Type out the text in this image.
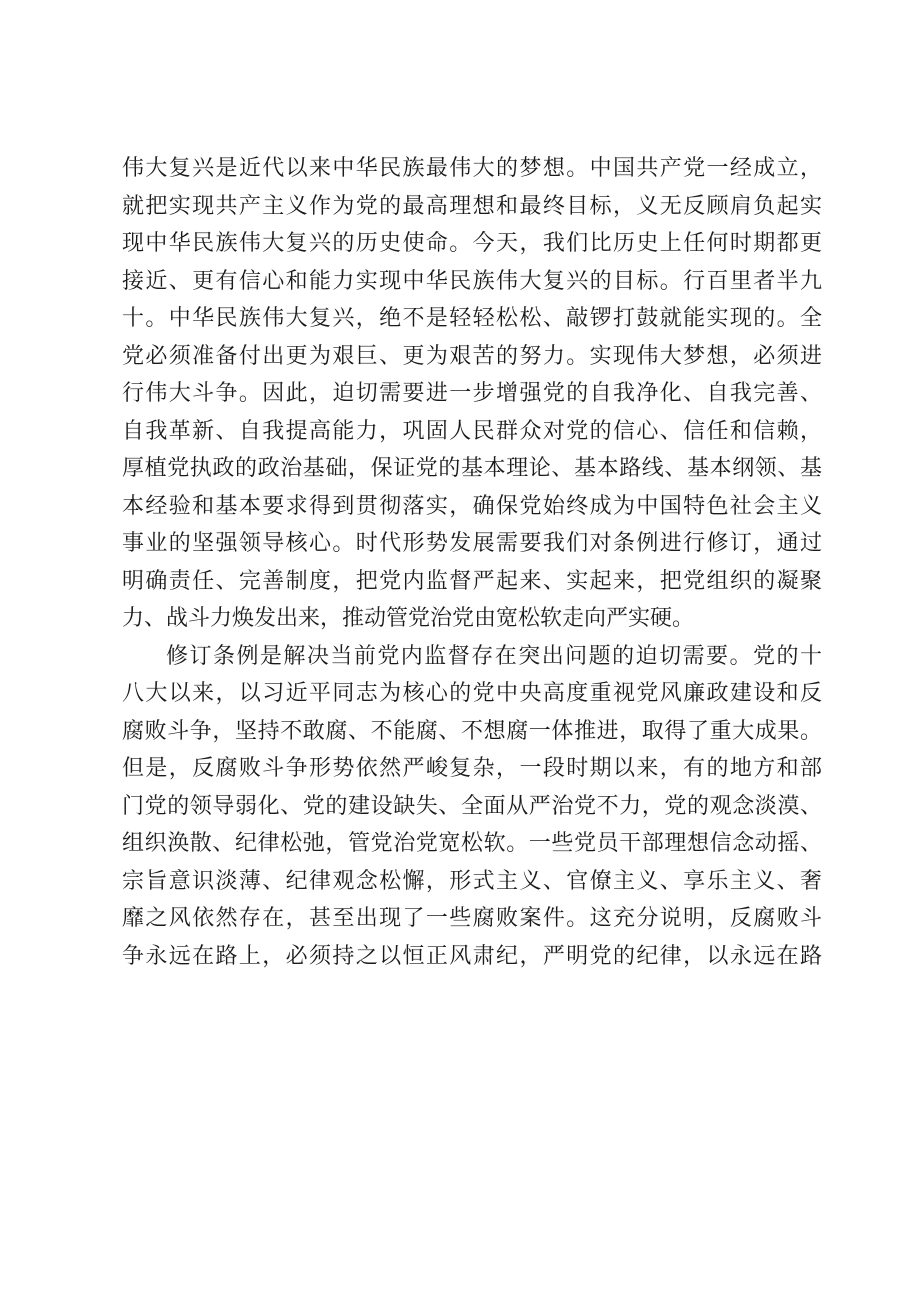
伟大复兴是近代以来中华民族最伟大的梦想。中国共产党一经成立，
就把实现共产主义作为党的最高理想和最终目标，义无反顾肩负起实
现中华民族伟大复兴的历史使命。今天，我们比历史上任何时期都更
接近、更有信心和能力实现中华民族伟大复兴的目标。行百里者半九
十。中华民族伟大复兴，绝不是轻轻松松、敲锣打鼓就能实现的。全
党必须准备付出更为艰巨、更为艰苦的努力。实现伟大梦想，必须进
行伟大斗争。因此，迫切需要进一步增强党的自我净化、自我完善、
自我革新、自我提高能力，巩固人民群众对党的信心、信任和信赖，
厚植党执政的政治基础，保证党的基本理论、基本路线、基本纲领、基
本经验和基本要求得到贯彻落实，确保党始终成为中国特色社会主义
事业的坚强领导核心。时代形势发展需要我们对条例进行修订，通过
明确责任、完善制度，把党内监督严起来、实起来，把党组织的凝聚
力、战斗力焕发出来，推动管党治党由宽松软走向严实硬。
修订条例是解决当前党内监督存在突出问题的迫切需要。党的十
八大以来，以习近平同志为核心的党中央高度重视党风廉政建设和反
腐败斗争，坚持不敢腐、不能腐、不想腐一体推进，取得了重大成果。
但是，反腐败斗争形势依然严峻复杂，一段时期以来，有的地方和部
门党的领导弱化、党的建设缺失、全面从严治党不力，党的观念淡漠、
组织涣散、纪律松弛，管党治党宽松软。一些党员干部理想信念动摇、
宗旨意识淡薄、纪律观念松懈，形式主义、官僚主义、享乐主义、奢
靡之风依然存在，甚至出现了一些腐败案件。这充分说明，反腐败斗
争永远在路上，必须持之以恒正风肃纪，严明党的纪律，以永远在路
